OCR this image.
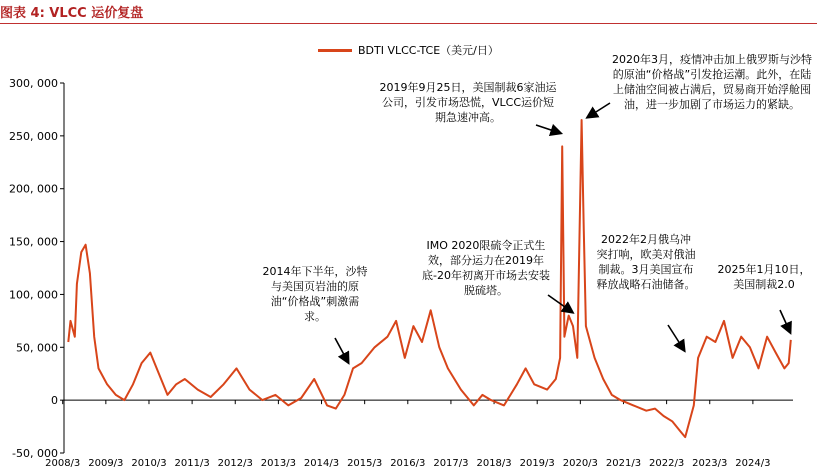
图表 4: VLCC 运价复盘
BDTI VLCC-TCE（美元/日）
-50, 000
0
50, 000
100, 000
150, 000
200, 000
250, 000
300, 000
2008/3 2009/3 2010/3 2011/3 2012/3 2013/3 2014/3 2015/3 2016/3 2017/3 2018/3 2019/3 2020/3 2021/3 2022/3 2023/3 2024/3
2014年下半年，沙特与美国页岩油的原油“价格战”刺激需求。
2019年9月25日，美国制裁6家油运公司，引发市场恐慌，VLCC运价短期急速冲高。
2020年3月，疫情冲击加上俄罗斯与沙特的原油“价格战”引发抢运潮。此外，在陆上储油空间被占满后，贸易商开始浮舱囤油，进一步加剧了市场运力的紧缺。
IMO 2020限硫令正式生效，部分运力在2019年底-20年初离开市场去安装脱硫塔。
2022年2月俄乌冲突打响，欧美对俄油制裁。3月美国宣布释放战略石油储备。
2025年1月10日，美国制裁2.0
